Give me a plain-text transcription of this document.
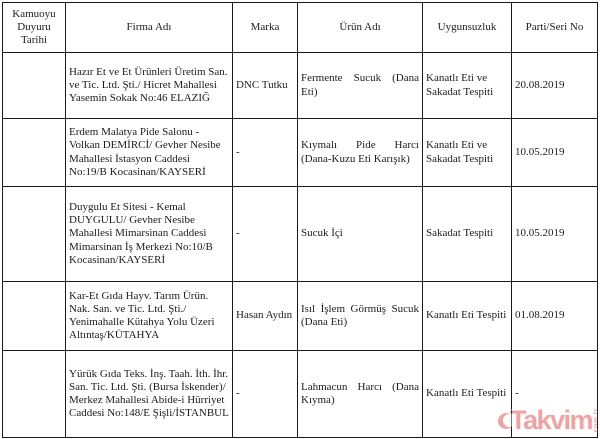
Kamuoyu Duyuru Tarihi	Firma Adı	Marka	Ürün Adı	Uygunsuzluk	Parti/Seri No
	Hazır Et ve Et Ürünleri Üretim San. ve Tic. Ltd. Şti./ Hicret Mahallesi Yasemin Sokak No:46 ELAZIĞ	DNC Tutku	Fermente Sucuk (Dana Eti)	Kanatlı Eti ve Sakadat Tespiti	20.08.2019
	Erdem Malatya Pide Salonu - Volkan DEMİRCİ/ Gevher Nesibe Mahallesi İstasyon Caddesi No:19/B Kocasinan/KAYSERİ	-	Kıymalı Pide Harcı (Dana-Kuzu Eti Karışık)	Kanatlı Eti ve Sakadat Tespiti	10.05.2019
	Duygulu Et Sitesi - Kemal DUYGULU/ Gevher Nesibe Mahallesi Mimarsinan Caddesi Mimarsinan İş Merkezi No:10/B Kocasinan/KAYSERİ	-	Sucuk İçi	Sakadat Tespiti	10.05.2019
	Kar-Et Gıda Hayv. Tarım Ürün. Nak. San. ve Tic. Ltd. Şti./ Yenimahalle Kütahya Yolu Üzeri Altıntaş/KÜTAHYA	Hasan Aydın	Isıl İşlem Görmüş Sucuk (Dana Eti)	Kanatlı Eti Tespiti	01.08.2019
	Yürük Gıda Teks. İnş. Taah. İth. İhr. San. Tic. Ltd. Şti. (Bursa İskender)/ Merkez Mahallesi Abide-i Hürriyet Caddesi No:148/E Şişli/İSTANBUL	-	Lahmacun Harcı (Dana Kıyma)	Kanatlı Eti Tespiti	-
Takvim com.tr
